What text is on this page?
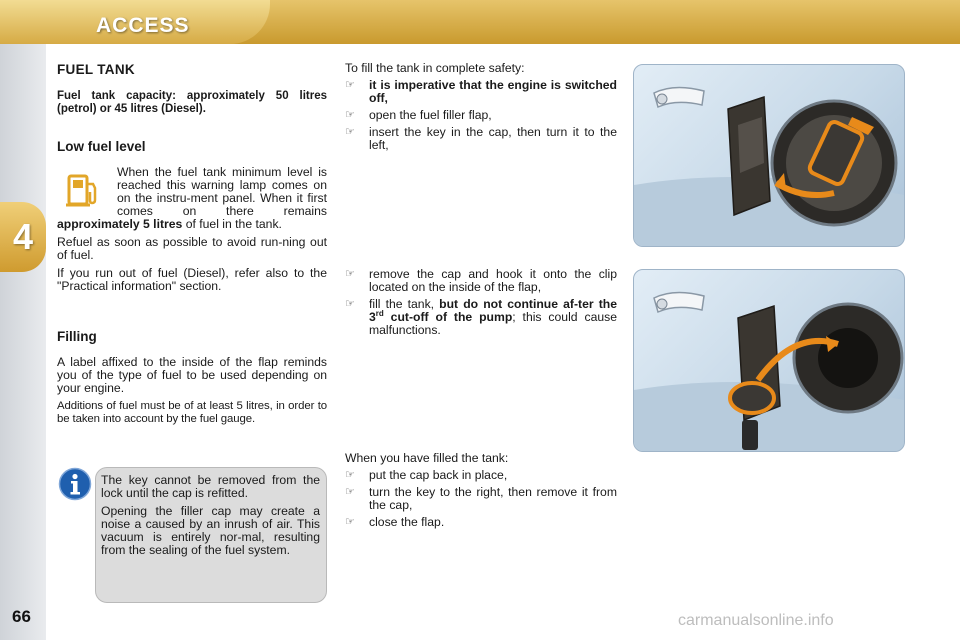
ACCESS
4
66	carmanualsonline.info
FUEL TANK

Fuel tank capacity: approximately 50 litres (petrol) or 45 litres (Diesel).

Low fuel level

When the fuel tank minimum level is reached this warning lamp comes on on the instru-ment panel. When it first comes on there remains approximately 5 litres of fuel in the tank.

Refuel as soon as possible to avoid run-ning out of fuel.

If you run out of fuel (Diesel), refer also to the "Practical information" section.

Filling

A label affixed to the inside of the flap reminds you of the type of fuel to be used depending on your engine.

Additions of fuel must be of at least 5 litres, in order to be taken into account by the fuel gauge.

The key cannot be removed from the lock until the cap is refitted.

Opening the filler cap may create a noise a caused by an inrush of air. This vacuum is entirely nor-mal, resulting from the sealing of the fuel system.

To fill the tank in complete safety:

☞ it is imperative that the engine is switched off,
☞ open the fuel filler flap,
☞ insert the key in the cap, then turn it to the left,
☞ remove the cap and hook it onto the clip located on the inside of the flap,
☞ fill the tank, but do not continue af-ter the 3rd cut-off of the pump; this could cause malfunctions.

When you have filled the tank:

☞ put the cap back in place,
☞ turn the key to the right, then remove it from the cap,
☞ close the flap.
